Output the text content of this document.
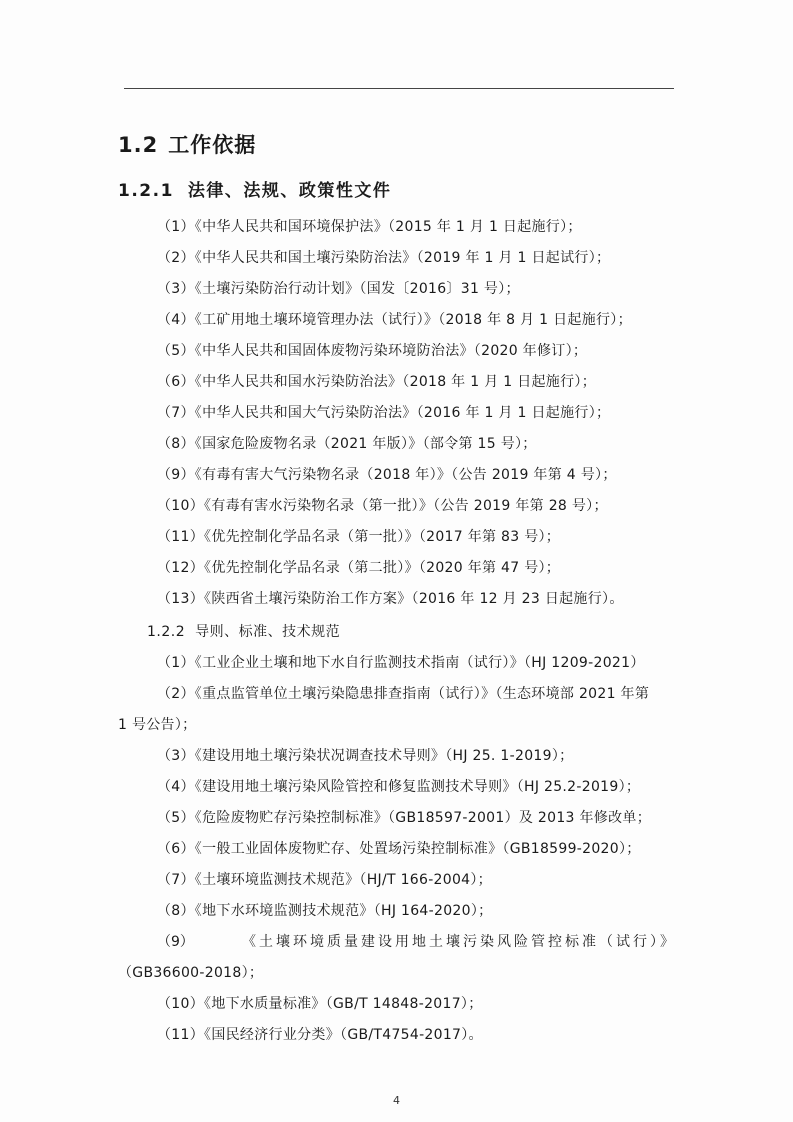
1.2 工作依据
1.2.1 法律、法规、政策性文件
（1）《中华人民共和国环境保护法》（2015 年 1 月 1 日起施行）；
（2）《中华人民共和国土壤污染防治法》（2019 年 1 月 1 日起试行）；
（3）《土壤污染防治行动计划》（国发〔2016〕31 号）；
（4）《工矿用地土壤环境管理办法（试行）》（2018 年 8 月 1 日起施行）；
（5）《中华人民共和国固体废物污染环境防治法》（2020 年修订）；
（6）《中华人民共和国水污染防治法》（2018 年 1 月 1 日起施行）；
（7）《中华人民共和国大气污染防治法》（2016 年 1 月 1 日起施行）；
（8）《国家危险废物名录（2021 年版）》（部令第 15 号）；
（9）《有毒有害大气污染物名录（2018 年）》（公告 2019 年第 4 号）；
（10）《有毒有害水污染物名录（第一批）》（公告 2019 年第 28 号）；
（11）《优先控制化学品名录（第一批）》（2017 年第 83 号）；
（12）《优先控制化学品名录（第二批）》（2020 年第 47 号）；
（13）《陕西省土壤污染防治工作方案》（2016 年 12 月 23 日起施行）。
1.2.2 导则、标准、技术规范
（1）《工业企业土壤和地下水自行监测技术指南（试行）》（HJ 1209-2021）
（2）《重点监管单位土壤污染隐患排查指南（试行）》（生态环境部 2021 年第
1 号公告）；
（3）《建设用地土壤污染状况调查技术导则》（HJ 25. 1-2019）；
（4）《建设用地土壤污染风险管控和修复监测技术导则》（HJ 25.2-2019）；
（5）《危险废物贮存污染控制标准》（GB18597-2001）及 2013 年修改单；
（6）《一般工业固体废物贮存、处置场污染控制标准》（GB18599-2020）；
（7）《土壤环境监测技术规范》（HJ/T 166-2004）；
（8）《地下水环境监测技术规范》（HJ 164-2020）；
（9）	《土壤环境质量建设用地土壤污染风险管控标准（试行）》
（GB36600-2018）；
（10）《地下水质量标准》（GB/T 14848-2017）；
（11）《国民经济行业分类》（GB/T4754-2017）。
4
